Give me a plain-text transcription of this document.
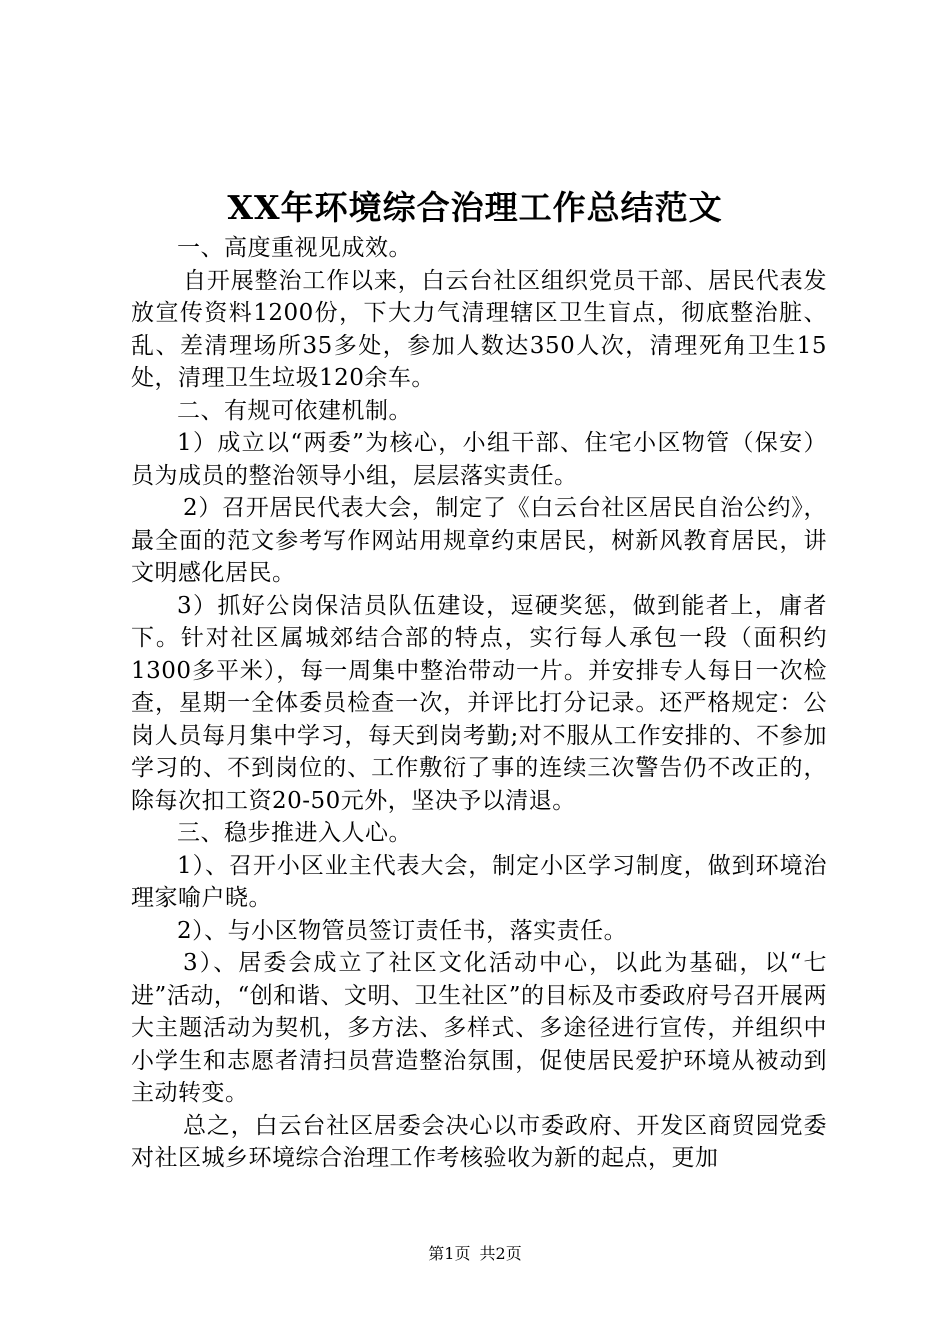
XX年环境综合治理工作总结范文

一、高度重视见成效。

自开展整治工作以来，白云台社区组织党员干部、居民代表发放宣传资料1200份，下大力气清理辖区卫生盲点，彻底整治脏、乱、差清理场所35多处，参加人数达350人次，清理死角卫生15处，清理卫生垃圾120余车。

二、有规可依建机制。

1）成立以“两委”为核心，小组干部、住宅小区物管（保安）员为成员的整治领导小组，层层落实责任。

2）召开居民代表大会，制定了《白云台社区居民自治公约》，最全面的范文参考写作网站用规章约束居民，树新风教育居民，讲文明感化居民。

3）抓好公岗保洁员队伍建设，逗硬奖惩，做到能者上，庸者下。针对社区属城郊结合部的特点，实行每人承包一段（面积约1300多平米），每一周集中整治带动一片。并安排专人每日一次检查，星期一全体委员检查一次，并评比打分记录。还严格规定：公岗人员每月集中学习，每天到岗考勤;对不服从工作安排的、不参加学习的、不到岗位的、工作敷衍了事的连续三次警告仍不改正的，除每次扣工资20-50元外，坚决予以清退。

三、稳步推进入人心。

1）、召开小区业主代表大会，制定小区学习制度，做到环境治理家喻户晓。

2）、与小区物管员签订责任书，落实责任。

3）、居委会成立了社区文化活动中心，以此为基础，以“七进”活动，“创和谐、文明、卫生社区”的目标及市委政府号召开展两大主题活动为契机，多方法、多样式、多途径进行宣传，并组织中小学生和志愿者清扫员营造整治氛围，促使居民爱护环境从被动到主动转变。

总之，白云台社区居委会决心以市委政府、开发区商贸园党委对社区城乡环境综合治理工作考核验收为新的起点，更加

第1页 共2页
